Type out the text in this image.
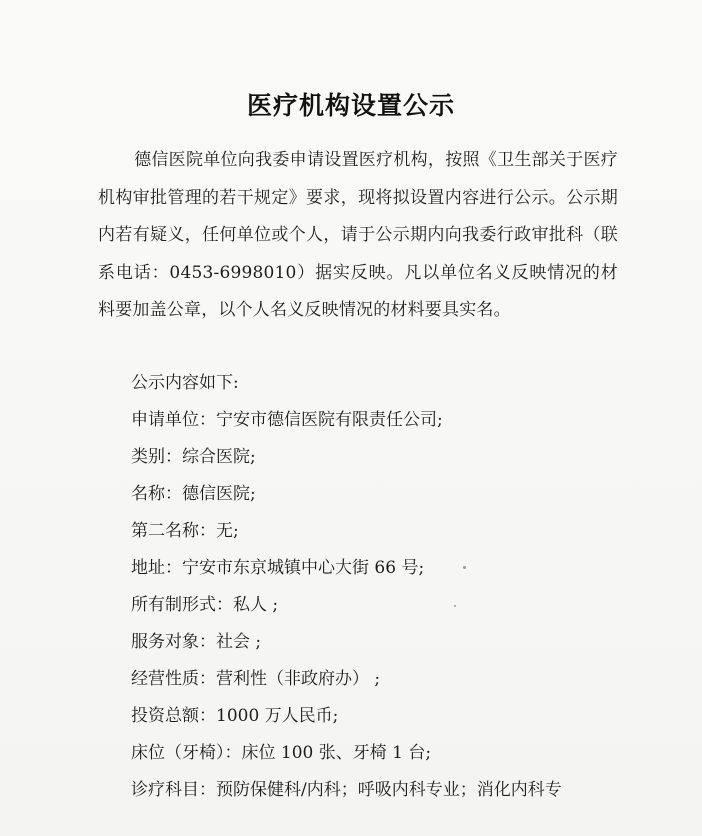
医疗机构设置公示
德信医院单位向我委申请设置医疗机构，按照《卫生部关于医疗机构审批管理的若干规定》要求，现将拟设置内容进行公示。公示期内若有疑义，任何单位或个人，请于公示期内向我委行政审批科（联系电话：0453-6998010）据实反映。凡以单位名义反映情况的材料要加盖公章，以个人名义反映情况的材料要具实名。
公示内容如下:
申请单位：宁安市德信医院有限责任公司;
类别：综合医院;
名称：德信医院;
第二名称：无;
地址：宁安市东京城镇中心大街 66 号;
所有制形式：私人 ;
服务对象：社会 ;
经营性质：营利性（非政府办） ;
投资总额：1000 万人民币;
床位（牙椅）：床位 100 张、牙椅 1 台;
诊疗科目：预防保健科/内科；呼吸内科专业；消化内科专
